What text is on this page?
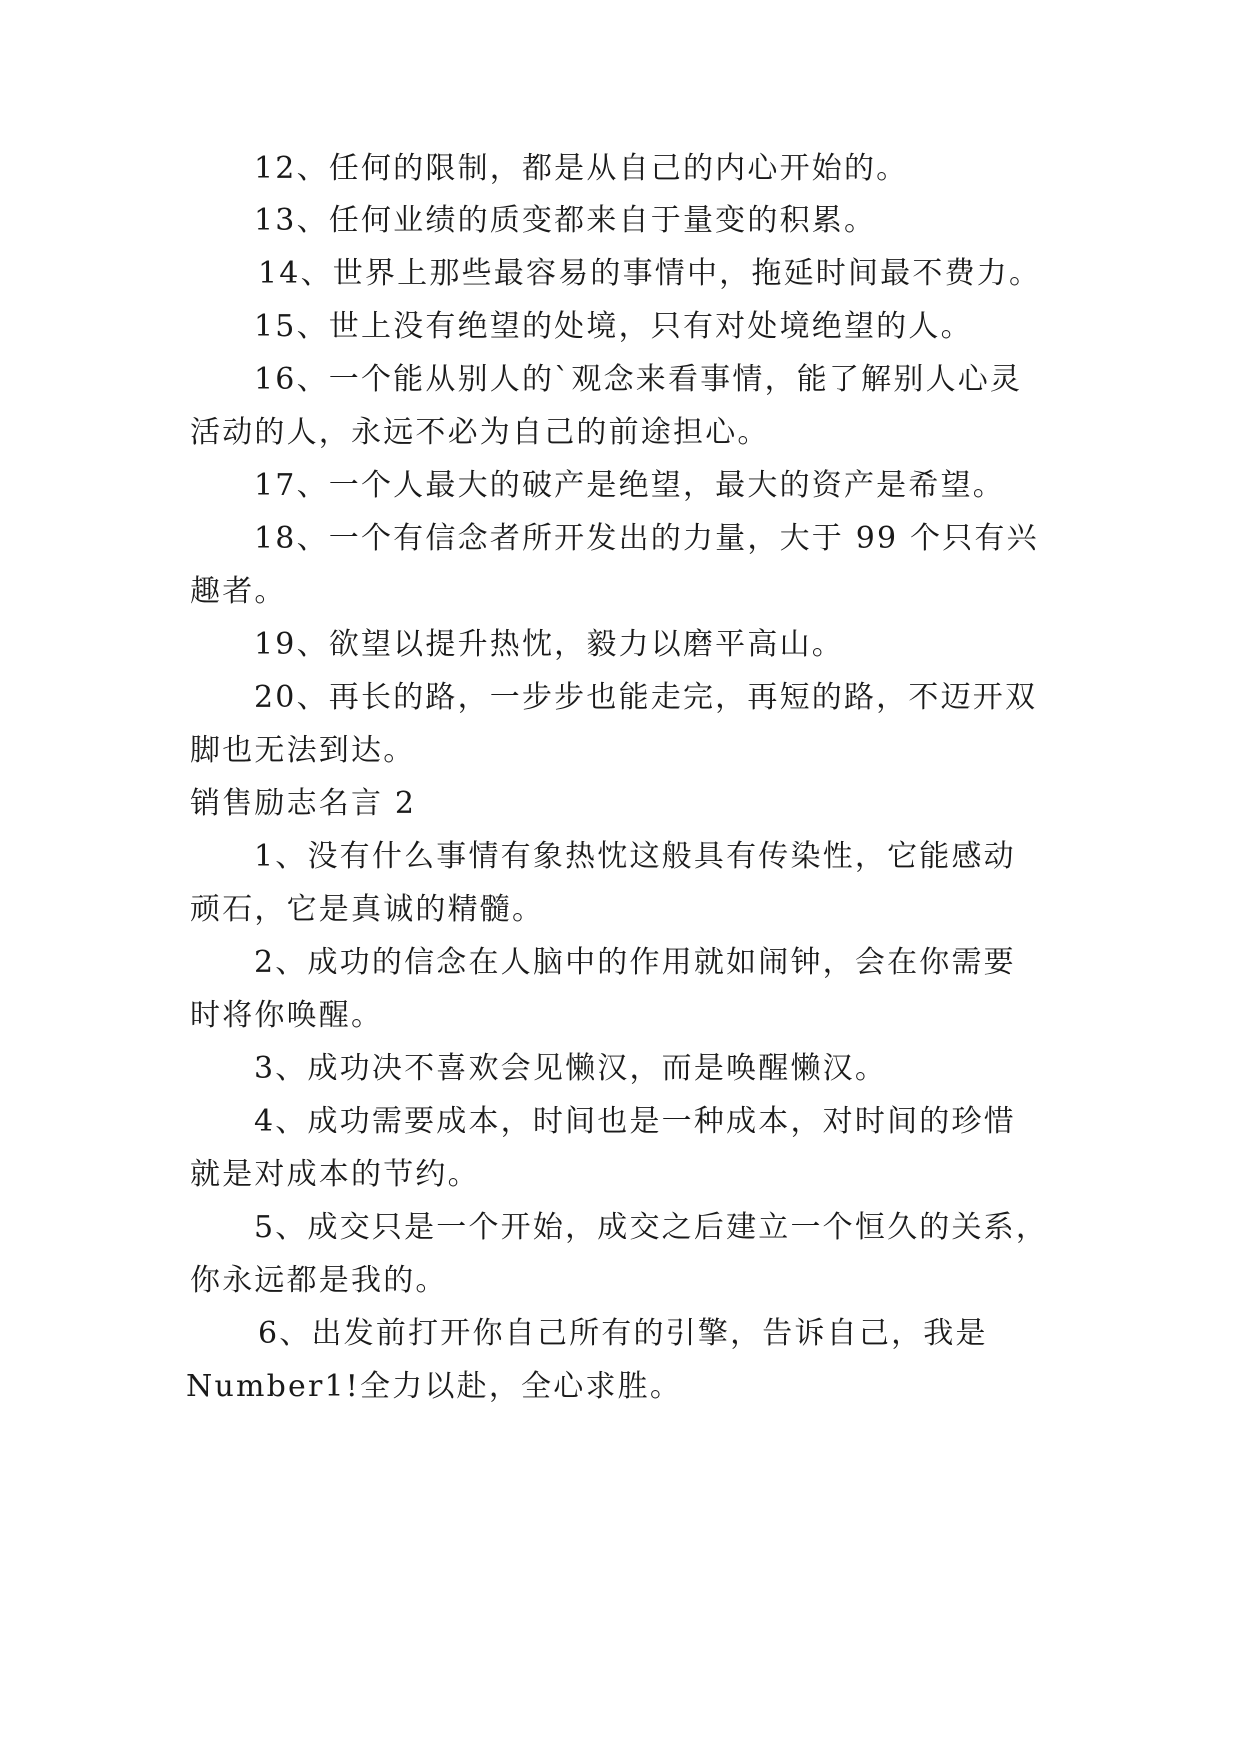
12、任何的限制，都是从自己的内心开始的。
13、任何业绩的质变都来自于量变的积累。
14、世界上那些最容易的事情中，拖延时间最不费力。
15、世上没有绝望的处境，只有对处境绝望的人。
16、一个能从别人的`观念来看事情，能了解别人心灵
活动的人，永远不必为自己的前途担心。
17、一个人最大的破产是绝望，最大的资产是希望。
18、一个有信念者所开发出的力量，大于 99 个只有兴
趣者。
19、欲望以提升热忱，毅力以磨平高山。
20、再长的路，一步步也能走完，再短的路，不迈开双
脚也无法到达。
销售励志名言 2
1、没有什么事情有象热忱这般具有传染性，它能感动
顽石，它是真诚的精髓。
2、成功的信念在人脑中的作用就如闹钟，会在你需要
时将你唤醒。
3、成功决不喜欢会见懒汉，而是唤醒懒汉。
4、成功需要成本，时间也是一种成本，对时间的珍惜
就是对成本的节约。
5、成交只是一个开始，成交之后建立一个恒久的关系，
你永远都是我的。
6、出发前打开你自己所有的引擎，告诉自己，我是
Number1!全力以赴，全心求胜。
